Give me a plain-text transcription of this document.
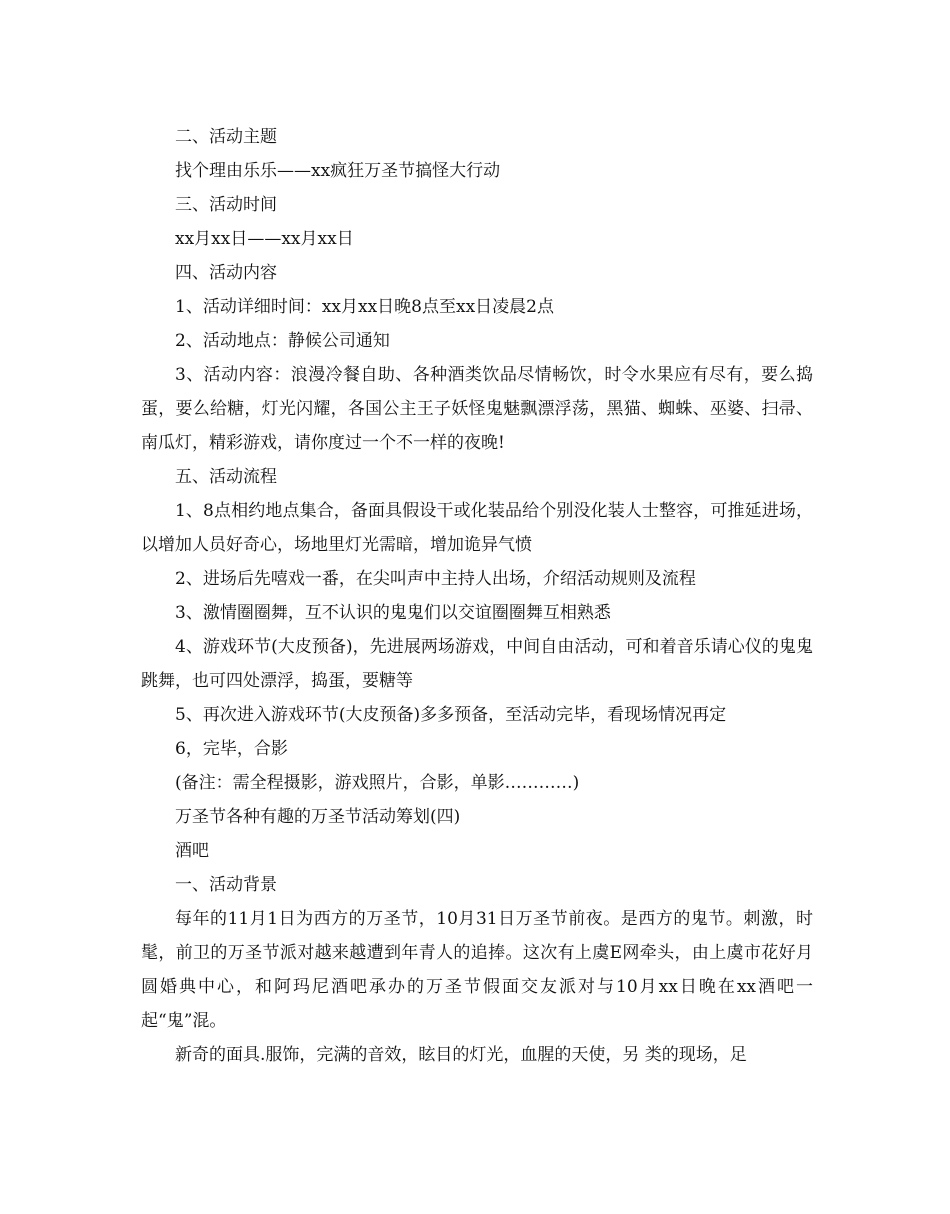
二、活动主题

找个理由乐乐——xx疯狂万圣节搞怪大行动

三、活动时间

xx月xx日——xx月xx日

四、活动内容

1、活动详细时间：xx月xx日晚8点至xx日凌晨2点

2、活动地点：静候公司通知

3、活动内容：浪漫冷餐自助、各种酒类饮品尽情畅饮，时令水果应有尽有，要么捣蛋，要么给糖，灯光闪耀，各国公主王子妖怪鬼魅飘漂浮荡，黑猫、蜘蛛、巫婆、扫帚、南瓜灯，精彩游戏，请你度过一个不一样的夜晚!

五、活动流程

1、8点相约地点集合，备面具假设干或化装品给个别没化装人士整容，可推延进场，以增加人员好奇心，场地里灯光需暗，增加诡异气愤

2、进场后先嘻戏一番，在尖叫声中主持人出场，介绍活动规则及流程

3、激情圈圈舞，互不认识的鬼鬼们以交谊圈圈舞互相熟悉

4、游戏环节(大皮预备)，先进展两场游戏，中间自由活动，可和着音乐请心仪的鬼鬼跳舞，也可四处漂浮，捣蛋，要糖等

5、再次进入游戏环节(大皮预备)多多预备，至活动完毕，看现场情况再定

6，完毕，合影

(备注：需全程摄影，游戏照片，合影，单影…………)

万圣节各种有趣的万圣节活动筹划(四)

酒吧

一、活动背景

每年的11月1日为西方的万圣节，10月31日万圣节前夜。是西方的鬼节。刺激，时髦，前卫的万圣节派对越来越遭到年青人的追捧。这次有上虞E网牵头，由上虞市花好月圆婚典中心，和阿玛尼酒吧承办的万圣节假面交友派对与10月xx日晚在xx酒吧一起“鬼”混。

新奇的面具.服饰，完满的音效，眩目的灯光，血腥的天使，另 类的现场，足
